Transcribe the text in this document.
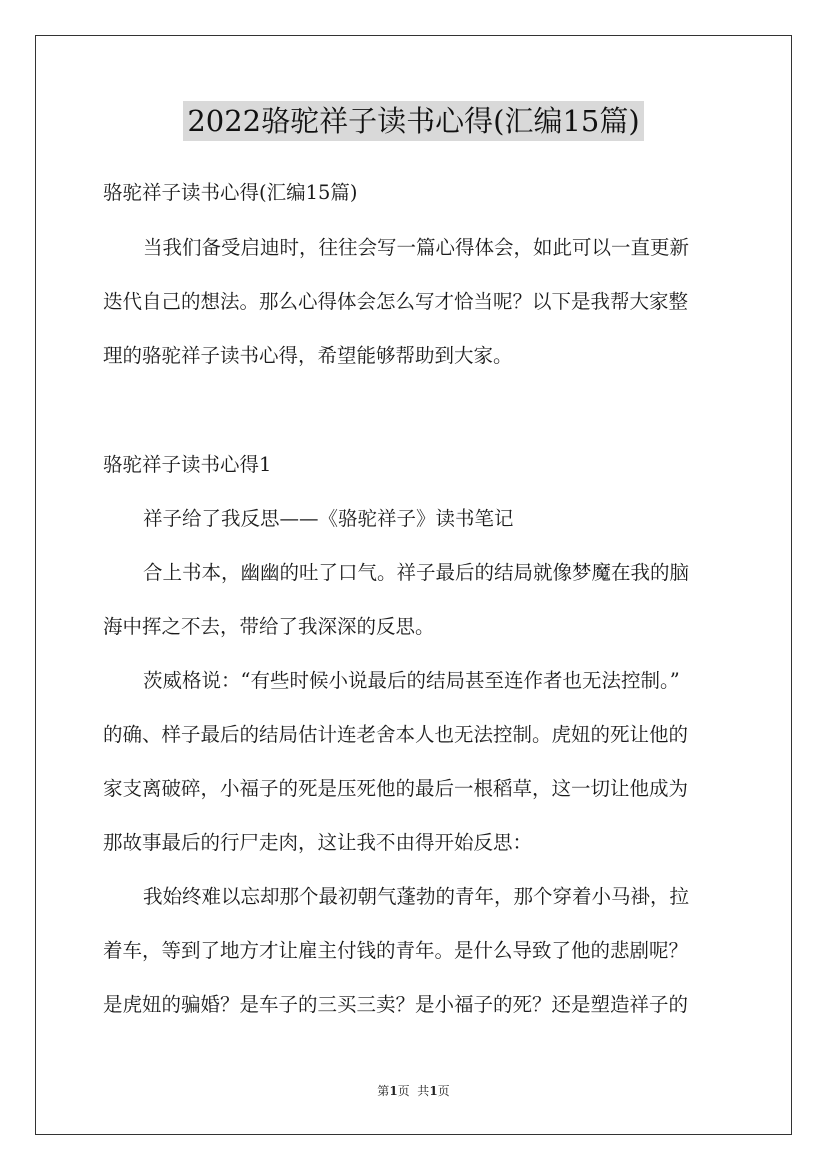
2022骆驼祥子读书心得(汇编15篇)
骆驼祥子读书心得(汇编15篇)
当我们备受启迪时，往往会写一篇心得体会，如此可以一直更新
迭代自己的想法。那么心得体会怎么写才恰当呢？以下是我帮大家整
理的骆驼祥子读书心得，希望能够帮助到大家。
骆驼祥子读书心得1
祥子给了我反思——《骆驼祥子》读书笔记
合上书本，幽幽的吐了口气。祥子最后的结局就像梦魔在我的脑
海中挥之不去，带给了我深深的反思。
茨威格说：“有些时候小说最后的结局甚至连作者也无法控制。”
的确、样子最后的结局估计连老舍本人也无法控制。虎妞的死让他的
家支离破碎，小福子的死是压死他的最后一根稻草，这一切让他成为
那故事最后的行尸走肉，这让我不由得开始反思：
我始终难以忘却那个最初朝气蓬勃的青年，那个穿着小马褂，拉
着车，等到了地方才让雇主付钱的青年。是什么导致了他的悲剧呢？
是虎妞的骗婚？是车子的三买三卖？是小福子的死？还是塑造祥子的
第1页  共1页
